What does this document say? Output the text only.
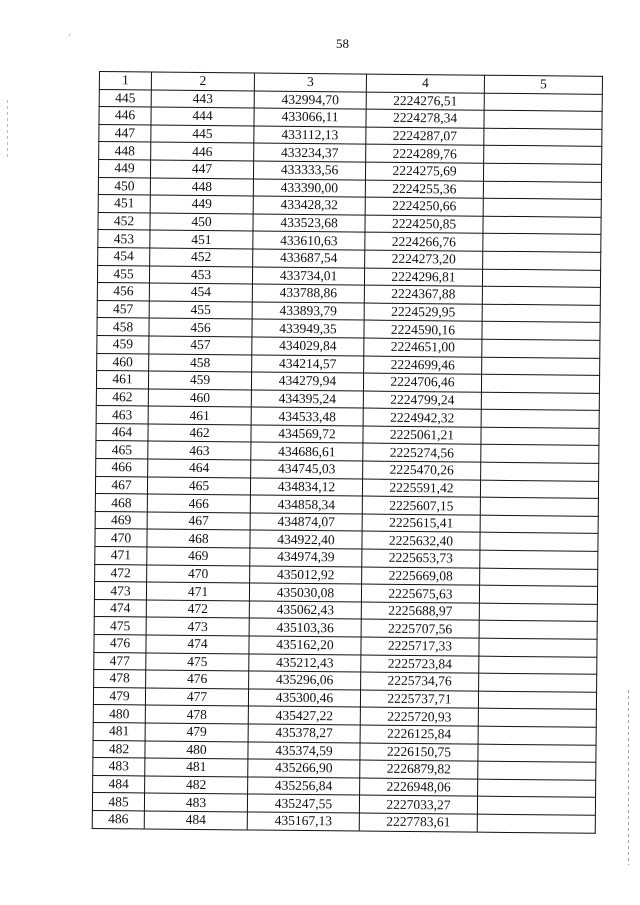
ˊ	58
1	2	3	4	5
445	443	432994,70	2224276,51	
446	444	433066,11	2224278,34	
447	445	433112,13	2224287,07	
448	446	433234,37	2224289,76	
449	447	433333,56	2224275,69	
450	448	433390,00	2224255,36	
451	449	433428,32	2224250,66	
452	450	433523,68	2224250,85	
453	451	433610,63	2224266,76	
454	452	433687,54	2224273,20	
455	453	433734,01	2224296,81	
456	454	433788,86	2224367,88	
457	455	433893,79	2224529,95	
458	456	433949,35	2224590,16	
459	457	434029,84	2224651,00	
460	458	434214,57	2224699,46	
461	459	434279,94	2224706,46	
462	460	434395,24	2224799,24	
463	461	434533,48	2224942,32	
464	462	434569,72	2225061,21	
465	463	434686,61	2225274,56	
466	464	434745,03	2225470,26	
467	465	434834,12	2225591,42	
468	466	434858,34	2225607,15	
469	467	434874,07	2225615,41	
470	468	434922,40	2225632,40	
471	469	434974,39	2225653,73	
472	470	435012,92	2225669,08	
473	471	435030,08	2225675,63	
474	472	435062,43	2225688,97	
475	473	435103,36	2225707,56	
476	474	435162,20	2225717,33	
477	475	435212,43	2225723,84	
478	476	435296,06	2225734,76	
479	477	435300,46	2225737,71	
480	478	435427,22	2225720,93	
481	479	435378,27	2226125,84	
482	480	435374,59	2226150,75	
483	481	435266,90	2226879,82	
484	482	435256,84	2226948,06	
485	483	435247,55	2227033,27	
486	484	435167,13	2227783,61	
